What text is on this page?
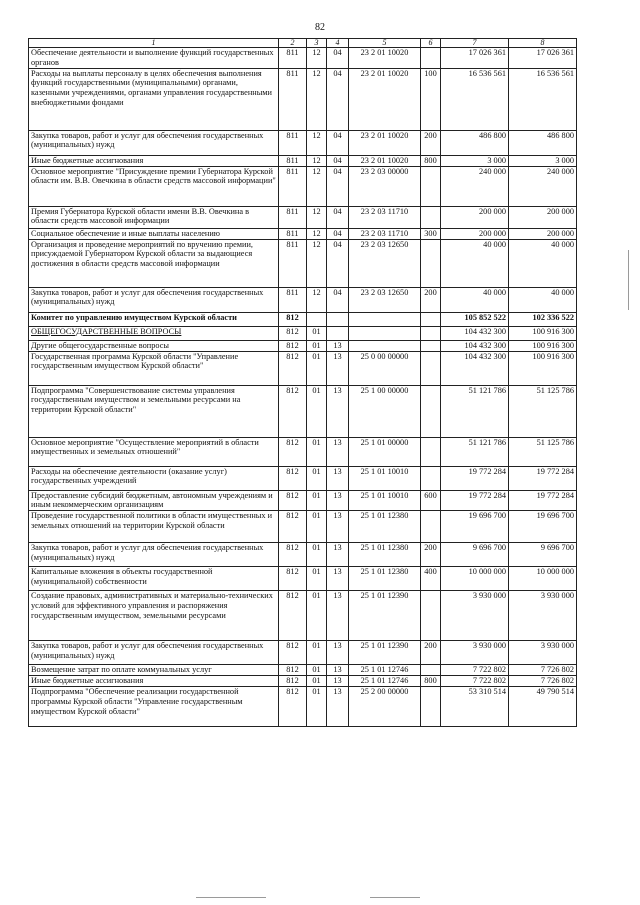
82
1	2	3	4	5	6	7	8
Обеспечение деятельности и выполнение функций государственных органов	811	12	04	23 2 01 10020		17 026 361	17 026 361
Расходы на выплаты персоналу в целях обеспечения выполнения функций государственными (муниципальными) органами, казенными учреждениями, органами управления государственными внебюджетными фондами	811	12	04	23 2 01 10020	100	16 536 561	16 536 561
Закупка товаров, работ и услуг для обеспечения государственных (муниципальных) нужд	811	12	04	23 2 01 10020	200	486 800	486 800
Иные бюджетные ассигнования	811	12	04	23 2 01 10020	800	3 000	3 000
Основное мероприятие "Присуждение премии Губернатора Курской области им. В.В. Овечкина в области средств массовой информации"	811	12	04	23 2 03 00000		240 000	240 000
Премия Губернатора Курской области имени В.В. Овечкина в области средств массовой информации	811	12	04	23 2 03 11710		200 000	200 000
Социальное обеспечение и иные выплаты населению	811	12	04	23 2 03 11710	300	200 000	200 000
Организация и проведение мероприятий по вручению премии, присуждаемой Губернатором Курской области за выдающиеся достижения в области средств массовой информации	811	12	04	23 2 03 12650		40 000	40 000
Закупка товаров, работ и услуг для обеспечения государственных (муниципальных) нужд	811	12	04	23 2 03 12650	200	40 000	40 000
Комитет по управлению имуществом Курской области	812					105 852 522	102 336 522
ОБЩЕГОСУДАРСТВЕННЫЕ ВОПРОСЫ	812	01				104 432 300	100 916 300
Другие общегосударственные вопросы	812	01	13			104 432 300	100 916 300
Государственная программа Курской области "Управление государственным имуществом Курской области"	812	01	13	25 0 00 00000		104 432 300	100 916 300
Подпрограмма "Совершенствование системы управления государственным имуществом и земельными ресурсами на территории Курской области"	812	01	13	25 1 00 00000		51 121 786	51 125 786
Основное мероприятие "Осуществление мероприятий в области имущественных и земельных отношений"	812	01	13	25 1 01 00000		51 121 786	51 125 786
Расходы на обеспечение деятельности (оказание услуг) государственных учреждений	812	01	13	25 1 01 10010		19 772 284	19 772 284
Предоставление субсидий бюджетным, автономным учреждениям и иным некоммерческим организациям	812	01	13	25 1 01 10010	600	19 772 284	19 772 284
Проведение государственной политики в области имущественных и земельных отношений на территории Курской области	812	01	13	25 1 01 12380		19 696 700	19 696 700
Закупка товаров, работ и услуг для обеспечения государственных (муниципальных) нужд	812	01	13	25 1 01 12380	200	9 696 700	9 696 700
Капитальные вложения в объекты государственной (муниципальной) собственности	812	01	13	25 1 01 12380	400	10 000 000	10 000 000
Создание правовых, административных и материально-технических условий для эффективного управления и распоряжения государственным имуществом, земельными ресурсами	812	01	13	25 1 01 12390		3 930 000	3 930 000
Закупка товаров, работ и услуг для обеспечения государственных (муниципальных) нужд	812	01	13	25 1 01 12390	200	3 930 000	3 930 000
Возмещение затрат по оплате коммунальных услуг	812	01	13	25 1 01 12746		7 722 802	7 726 802
Иные бюджетные ассигнования	812	01	13	25 1 01 12746	800	7 722 802	7 726 802
Подпрограмма "Обеспечение реализации государственной программы Курской области "Управление государственным имуществом Курской области"	812	01	13	25 2 00 00000		53 310 514	49 790 514
